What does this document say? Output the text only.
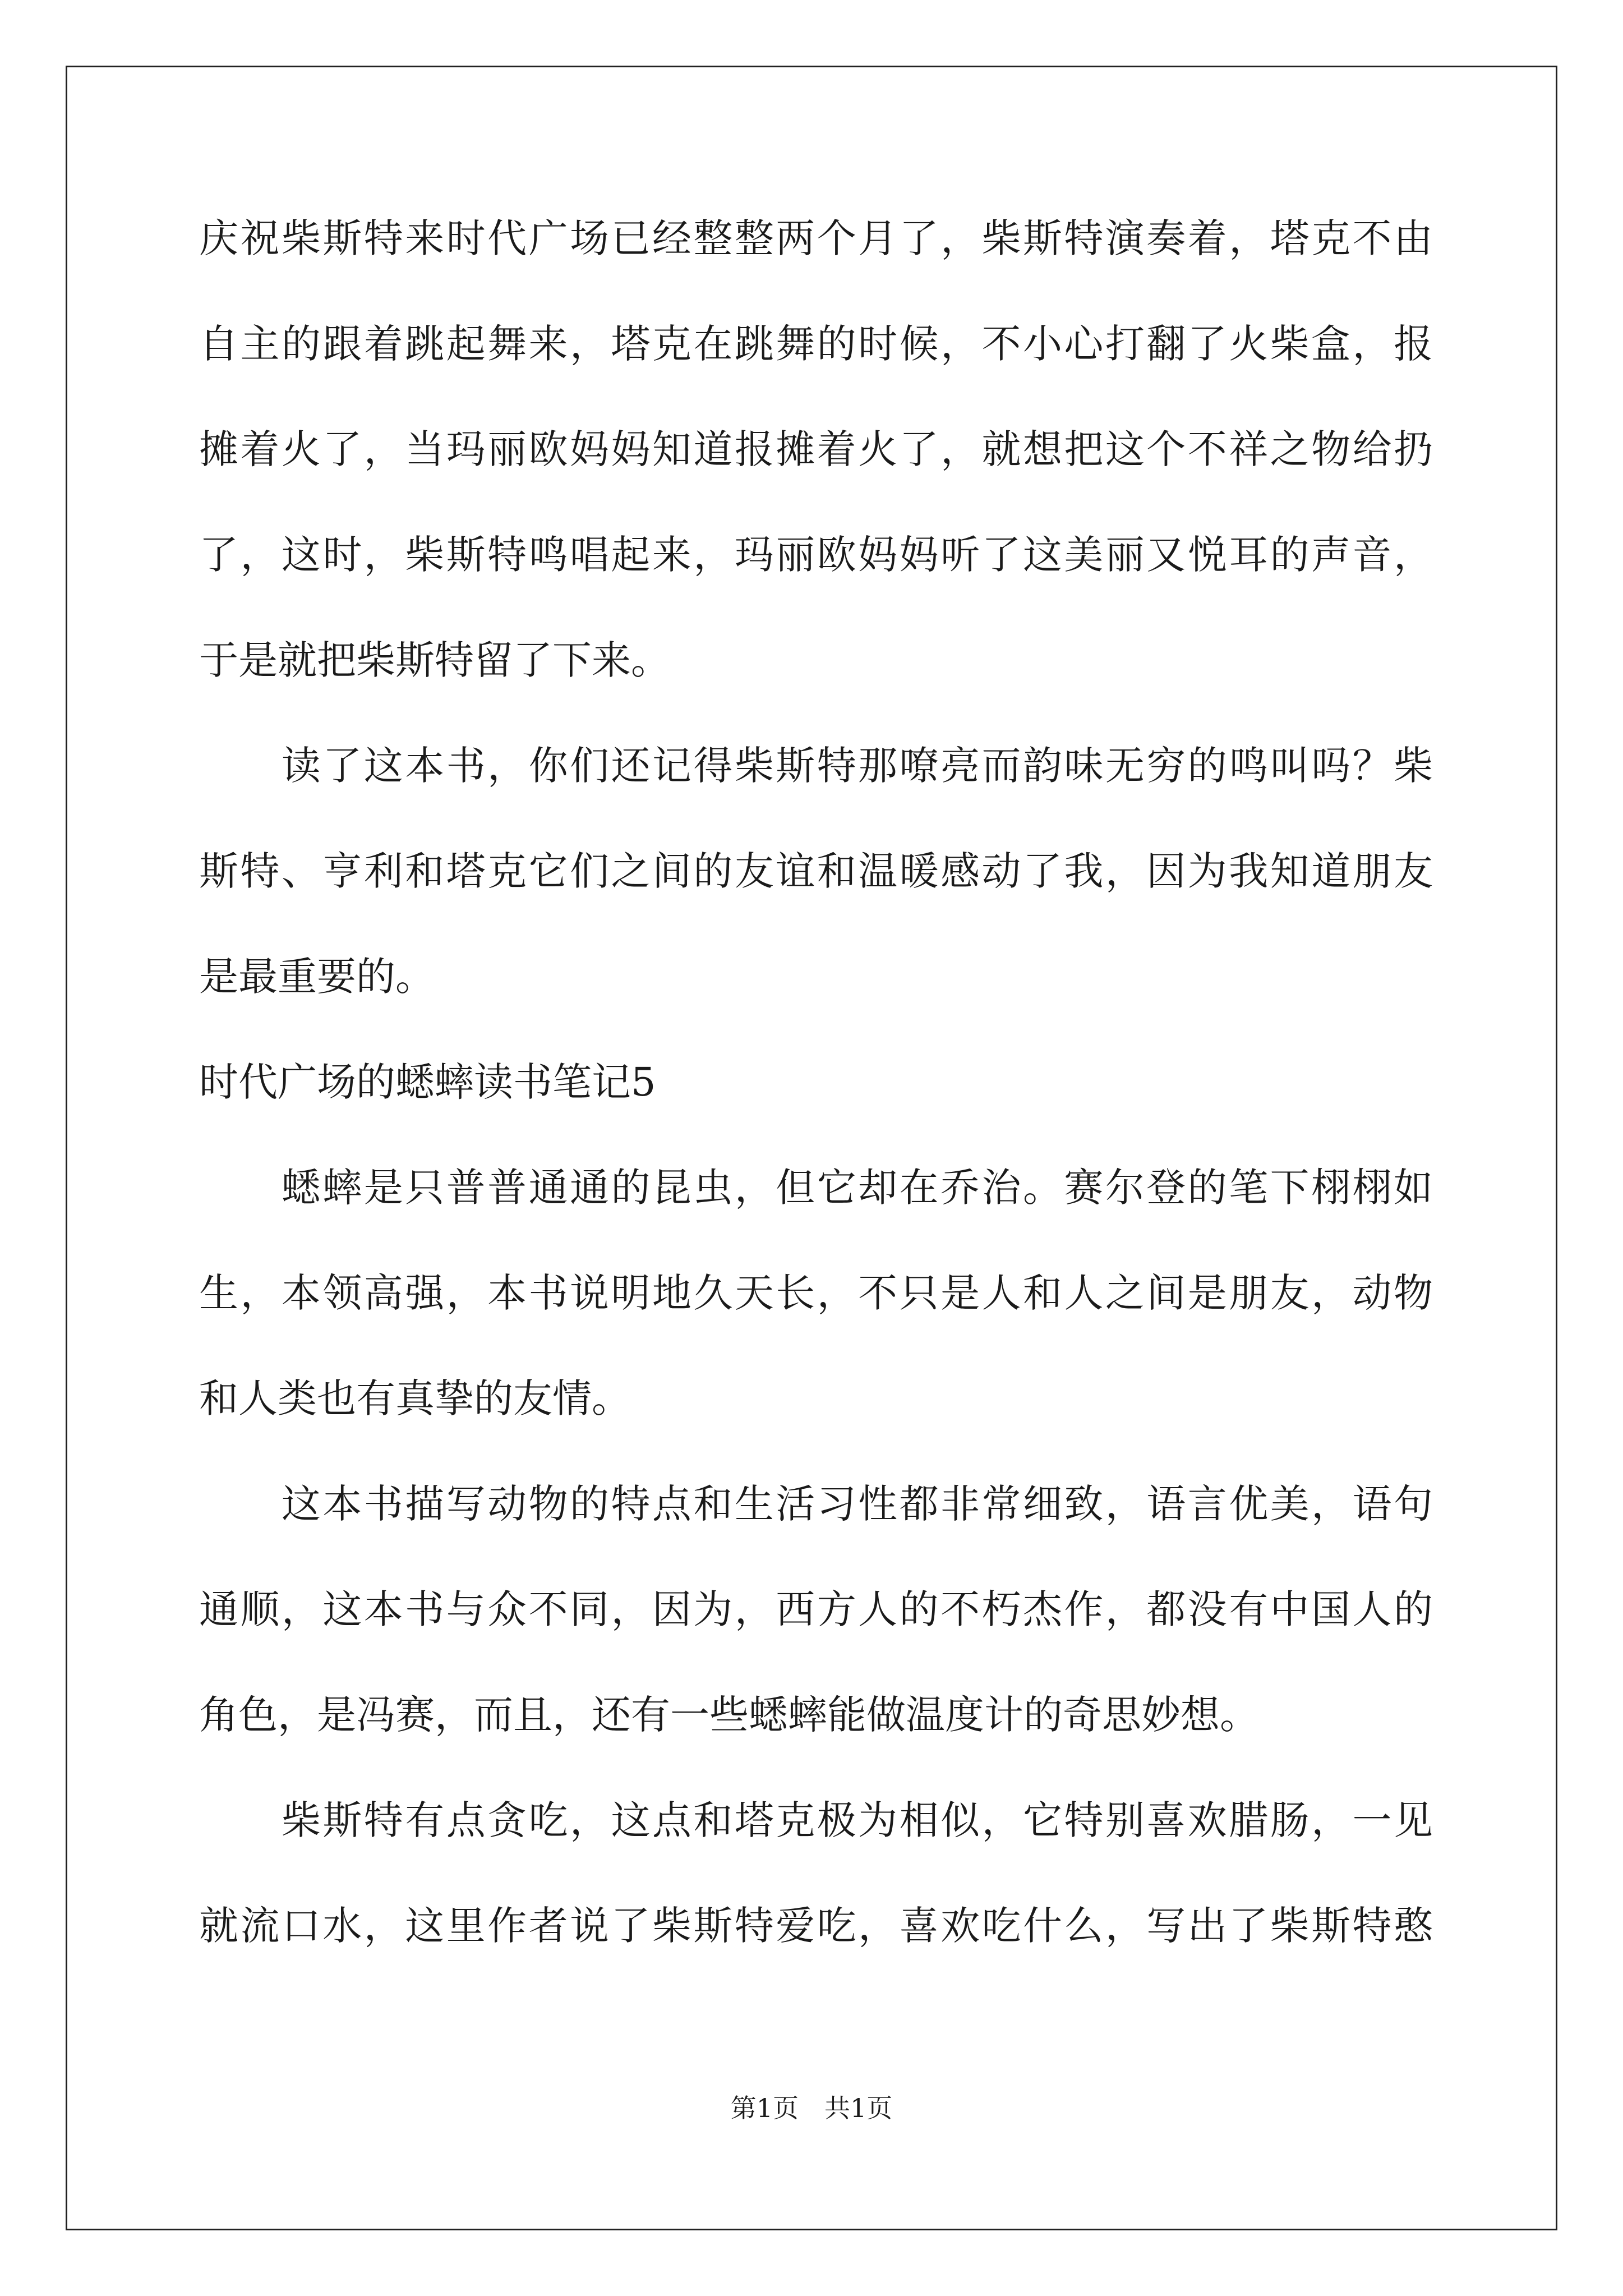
庆祝柴斯特来时代广场已经整整两个月了，柴斯特演奏着，塔克不由
自主的跟着跳起舞来，塔克在跳舞的时候，不小心打翻了火柴盒，报
摊着火了，当玛丽欧妈妈知道报摊着火了，就想把这个不祥之物给扔
了，这时，柴斯特鸣唱起来，玛丽欧妈妈听了这美丽又悦耳的声音，
于是就把柴斯特留了下来。
　　读了这本书，你们还记得柴斯特那嘹亮而韵味无穷的鸣叫吗？柴
斯特、亨利和塔克它们之间的友谊和温暖感动了我，因为我知道朋友
是最重要的。
时代广场的蟋蟀读书笔记5
　　蟋蟀是只普普通通的昆虫，但它却在乔治。赛尔登的笔下栩栩如
生，本领高强，本书说明地久天长，不只是人和人之间是朋友，动物
和人类也有真挚的友情。
　　这本书描写动物的特点和生活习性都非常细致，语言优美，语句
通顺，这本书与众不同，因为，西方人的不朽杰作，都没有中国人的
角色，是冯赛，而且，还有一些蟋蟀能做温度计的奇思妙想。
　　柴斯特有点贪吃，这点和塔克极为相似，它特别喜欢腊肠，一见
就流口水，这里作者说了柴斯特爱吃，喜欢吃什么，写出了柴斯特憨
第1页　共1页
